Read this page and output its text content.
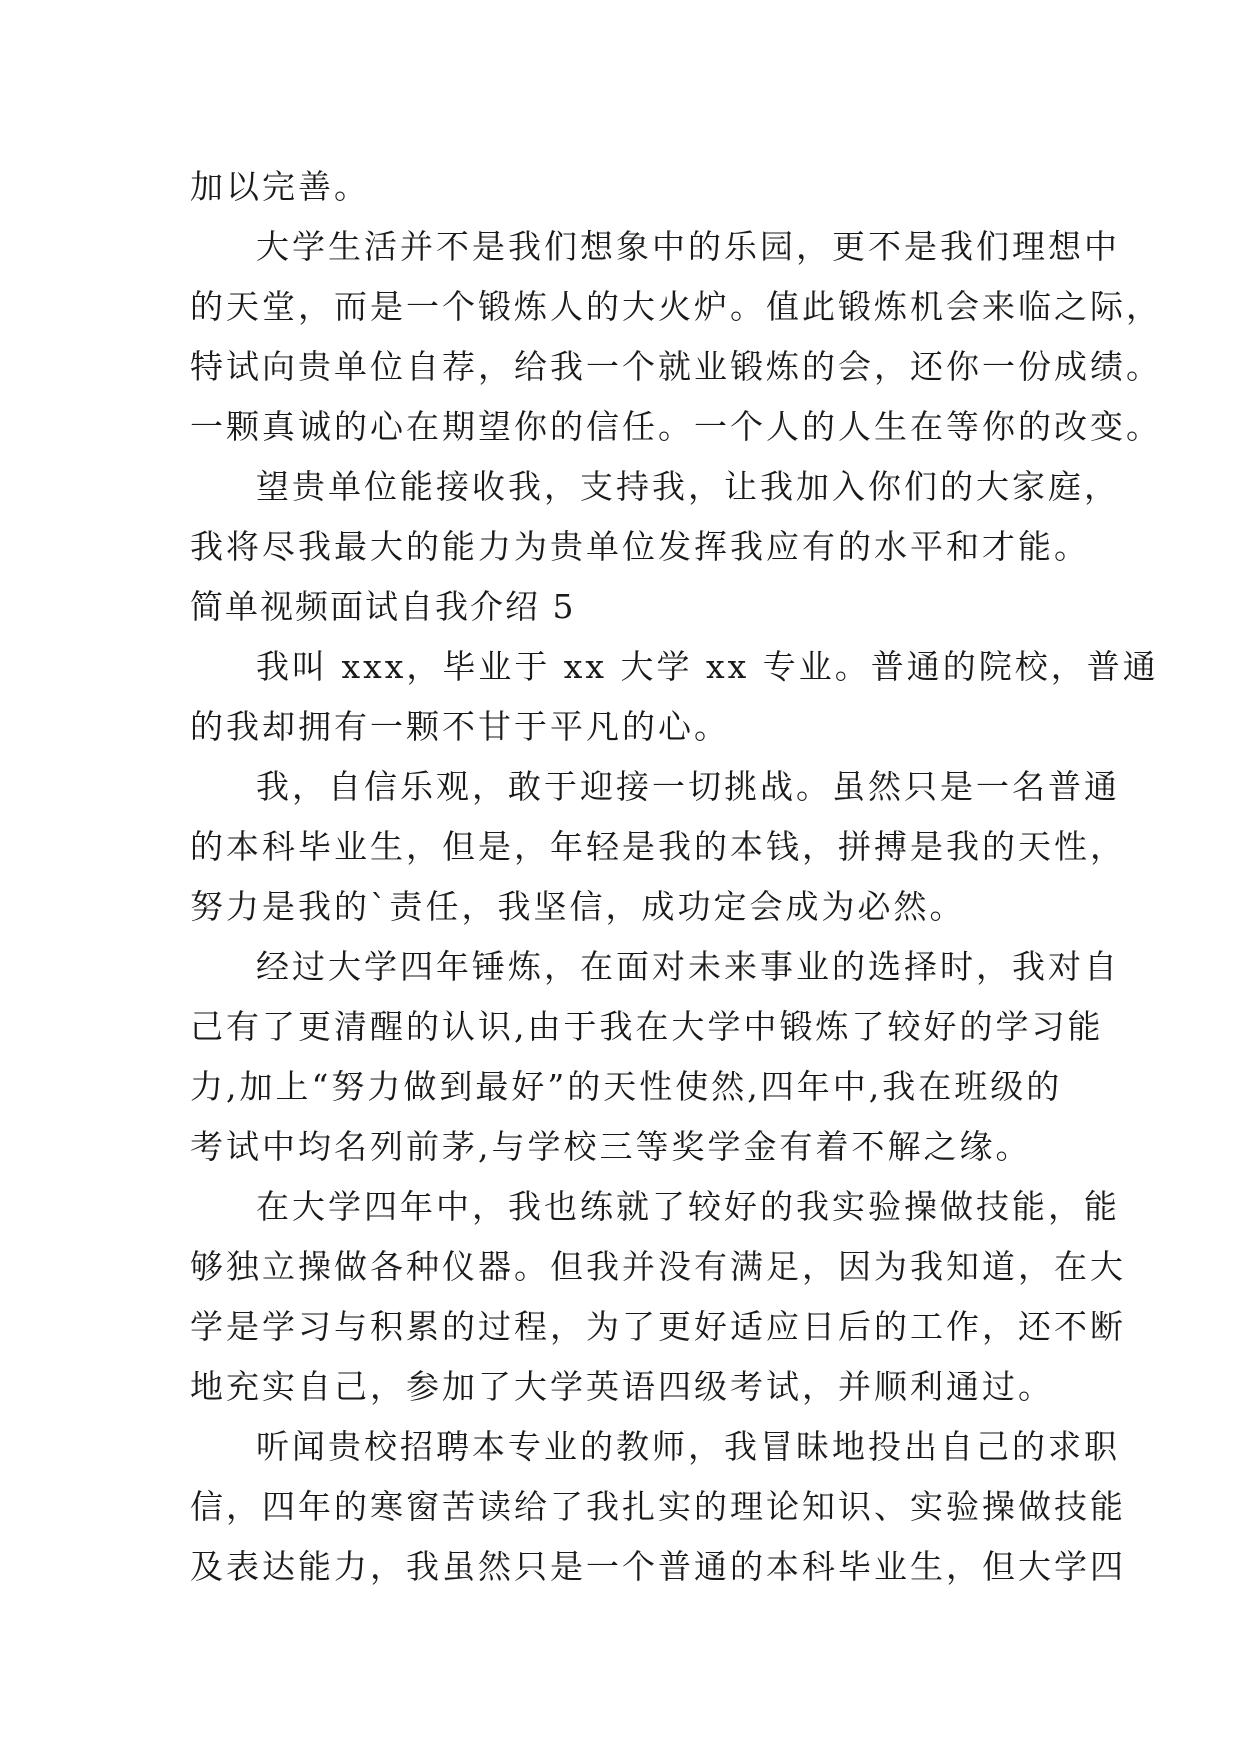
加以完善。
大学生活并不是我们想象中的乐园，更不是我们理想中
的天堂，而是一个锻炼人的大火炉。值此锻炼机会来临之际，
特试向贵单位自荐，给我一个就业锻炼的会，还你一份成绩。
一颗真诚的心在期望你的信任。一个人的人生在等你的改变。
望贵单位能接收我，支持我，让我加入你们的大家庭，
我将尽我最大的能力为贵单位发挥我应有的水平和才能。
简单视频面试自我介绍 5
我叫 xxx，毕业于 xx 大学 xx 专业。普通的院校，普通
的我却拥有一颗不甘于平凡的心。
我，自信乐观，敢于迎接一切挑战。虽然只是一名普通
的本科毕业生，但是，年轻是我的本钱，拼搏是我的天性，
努力是我的`责任，我坚信，成功定会成为必然。
经过大学四年锤炼，在面对未来事业的选择时，我对自
己有了更清醒的认识,由于我在大学中锻炼了较好的学习能
力,加上“努力做到最好”的天性使然,四年中,我在班级的
考试中均名列前茅,与学校三等奖学金有着不解之缘。
在大学四年中，我也练就了较好的我实验操做技能，能
够独立操做各种仪器。但我并没有满足，因为我知道，在大
学是学习与积累的过程，为了更好适应日后的工作，还不断
地充实自己，参加了大学英语四级考试，并顺利通过。
听闻贵校招聘本专业的教师，我冒昧地投出自己的求职
信，四年的寒窗苦读给了我扎实的理论知识、实验操做技能
及表达能力，我虽然只是一个普通的本科毕业生，但大学四
